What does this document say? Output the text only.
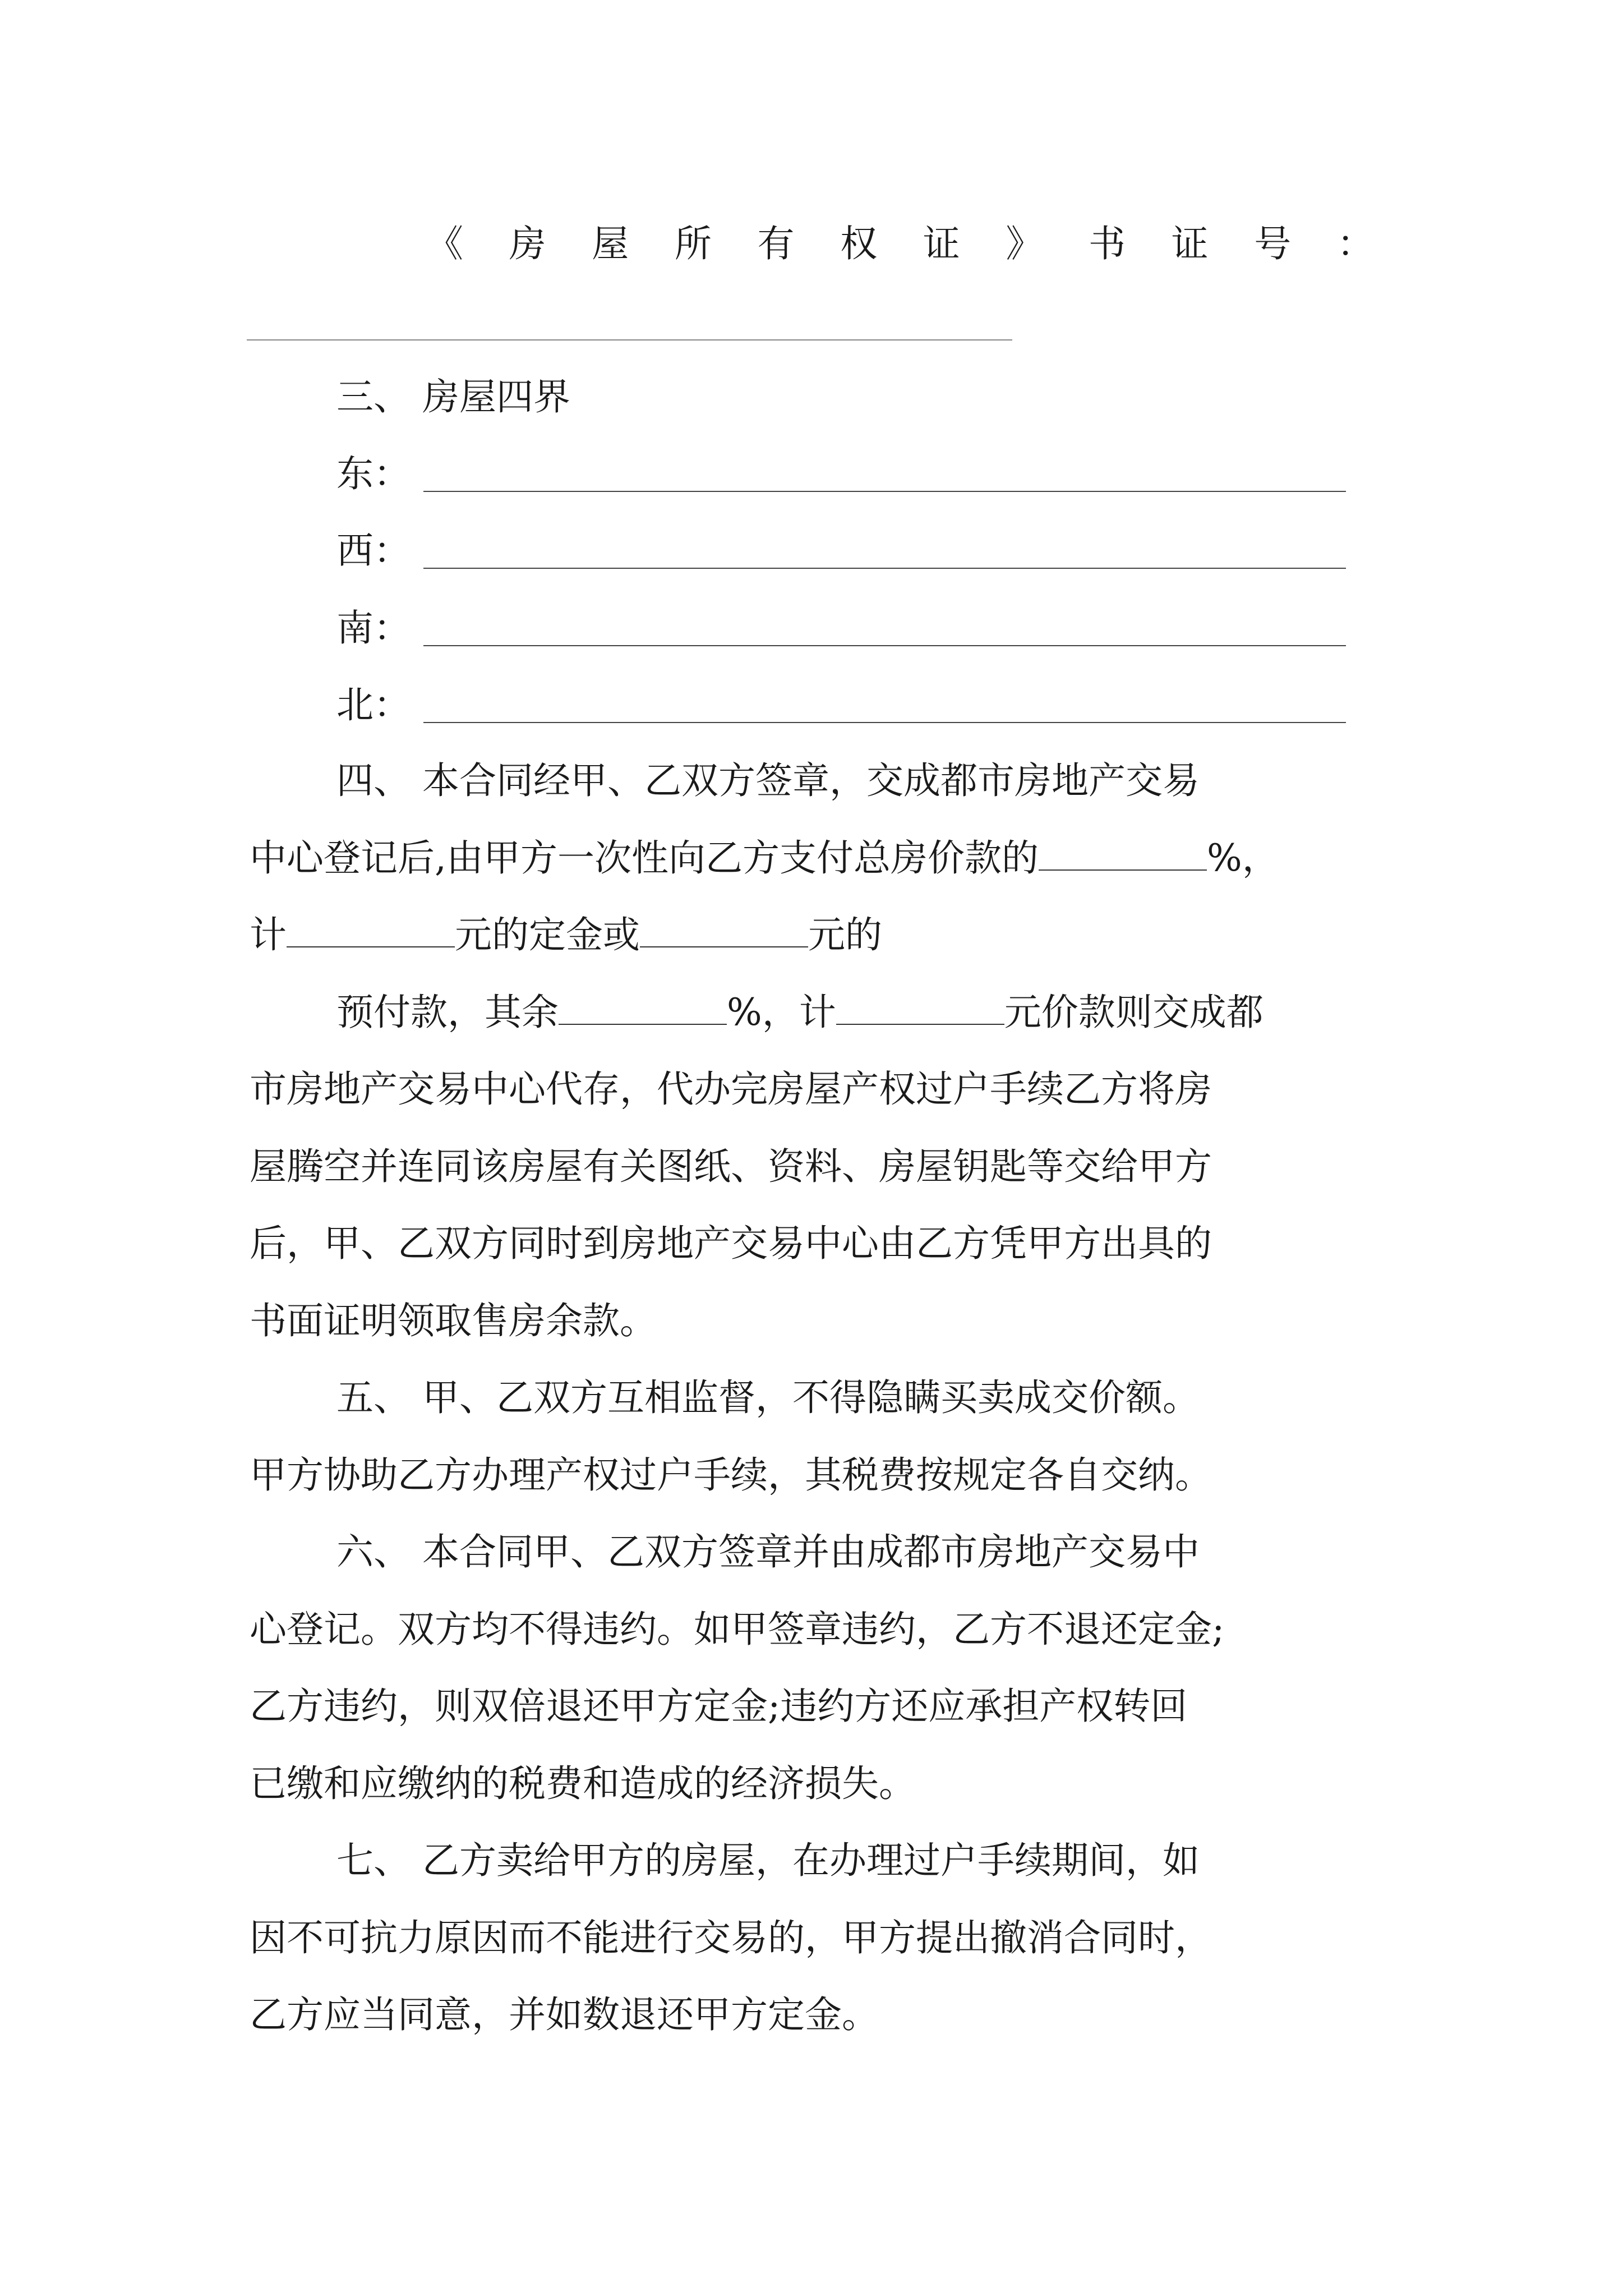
《 房 屋 所 有 权 证 》 书 证 号 ：
三、 房屋四界
东：
西：
南：
北：
四、 本合同经甲、乙双方签章，交成都市房地产交易
中心登记后,由甲方一次性向乙方支付总房价款的	%，
计	元的定金或	元的
预付款，其余	%，计	元价款则交成都
市房地产交易中心代存，代办完房屋产权过户手续乙方将房
屋腾空并连同该房屋有关图纸、资料、房屋钥匙等交给甲方
后，甲、乙双方同时到房地产交易中心由乙方凭甲方出具的
书面证明领取售房余款。
五、 甲、乙双方互相监督，不得隐瞒买卖成交价额。
甲方协助乙方办理产权过户手续，其税费按规定各自交纳。
六、 本合同甲、乙双方签章并由成都市房地产交易中
心登记。双方均不得违约。如甲签章违约，乙方不退还定金;
乙方违约，则双倍退还甲方定金;违约方还应承担产权转回
已缴和应缴纳的税费和造成的经济损失。
七、 乙方卖给甲方的房屋，在办理过户手续期间，如
因不可抗力原因而不能进行交易的，甲方提出撤消合同时，
乙方应当同意，并如数退还甲方定金。
